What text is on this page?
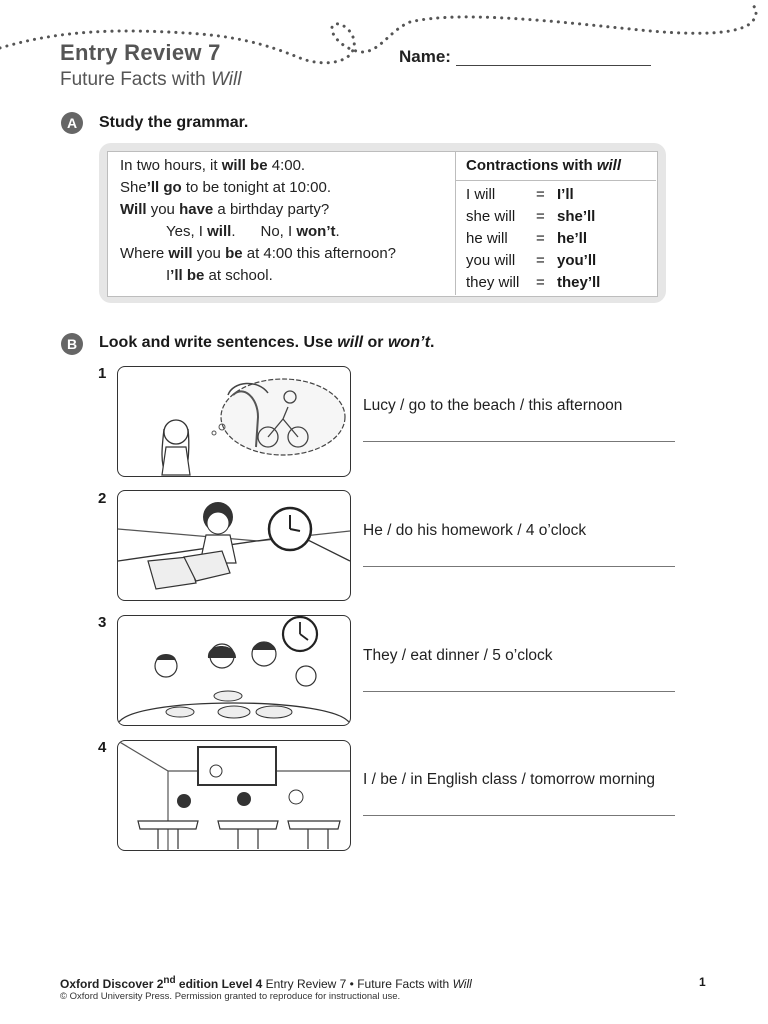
Entry Review 7
Future Facts with Will
Name:
A	Study the grammar.
In two hours, it will be 4:00.
She’ll go to be tonight at 10:00.
Will you have a birthday party?
Yes, I will.      No, I won’t.
Where will you be at 4:00 this afternoon?
I’ll be at school.
Contractions with will
I will	= I’ll
she will	= she’ll
he will	= he’ll
you will	= you’ll
they will	= they’ll
B	Look and write sentences. Use will or won’t.
1
Lucy / go to the beach / this afternoon
2
He / do his homework / 4 o’clock
3
They / eat dinner / 5 o’clock
4
I / be / in English class / tomorrow morning
Oxford Discover 2nd edition Level 4 Entry Review 7 • Future Facts with Will
© Oxford University Press. Permission granted to reproduce for instructional use.
1
